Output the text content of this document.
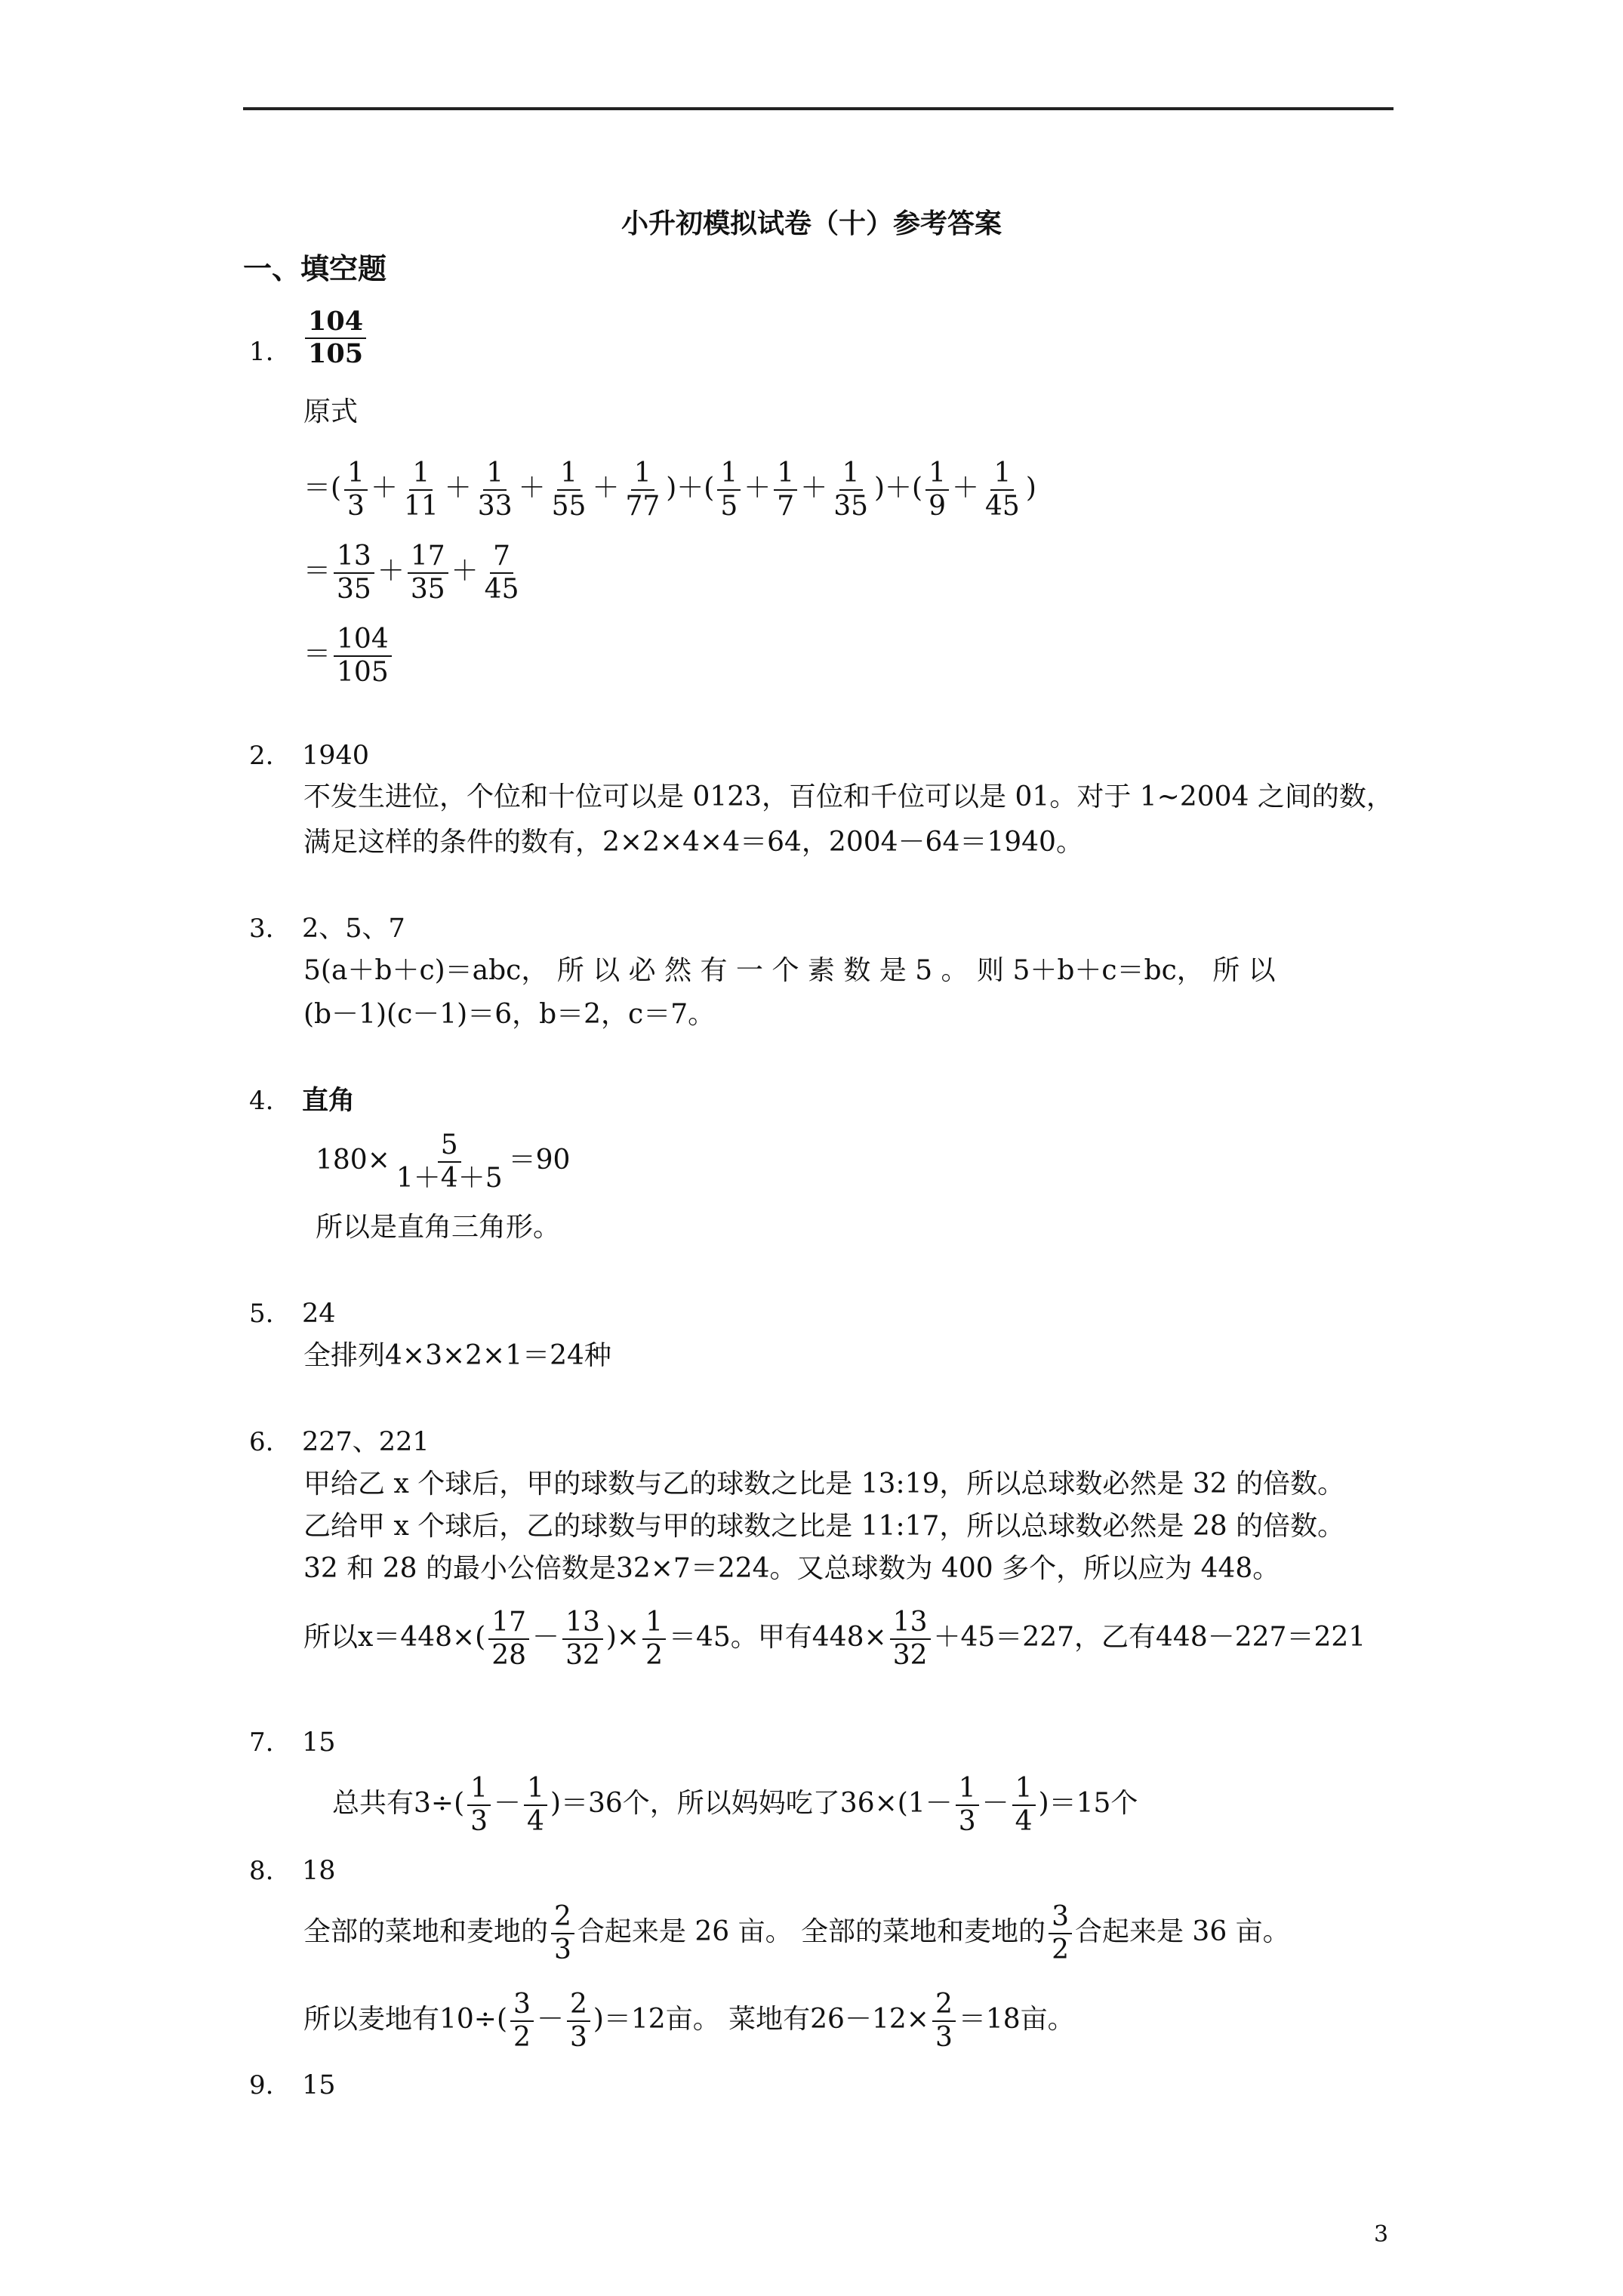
小升初模拟试卷（十）参考答案
一、填空题
1. $\frac{104}{105}$
原式
＝( $\frac{1}{3} + \frac{1}{11} + \frac{1}{33} + \frac{1}{55} + \frac{1}{77}$ )＋( $\frac{1}{5} + \frac{1}{7} + \frac{1}{35}$ )＋( $\frac{1}{9} + \frac{1}{45}$ )
＝ $\frac{13}{35} + \frac{17}{35} + \frac{7}{45}$
＝ $\frac{104}{105}$
2. 1940
不发生进位，个位和十位可以是 0123，百位和千位可以是 01。对于 1~2004 之间的数，
满足这样的条件的数有，2×2×4×4＝64，2004－64＝1940。
3. 2、5、7
5(a＋b＋c)＝abc， 所 以 必 然 有 一 个 素 数 是 5 。 则 5＋b＋c＝bc， 所 以
(b－1)(c－1)＝6，b＝2，c＝7。
4. 直角
$180\times \frac{5}{1+4+5} =90$
所以是直角三角形。
5. 24
全排列4×3×2×1＝24种
6. 227、221
甲给乙 x 个球后，甲的球数与乙的球数之比是 13:19，所以总球数必然是 32 的倍数。
乙给甲 x 个球后，乙的球数与甲的球数之比是 11:17，所以总球数必然是 28 的倍数。
32 和 28 的最小公倍数是32×7＝224。又总球数为 400 多个，所以应为 448。
所以$x=448\times( \frac{17}{28} - \frac{13}{32}$ )× $\frac{1}{2} =45$。甲有$448\times \frac{13}{32} +45=227$，乙有448－227＝221
7. 15
总共有$3\div( \frac{1}{3} - \frac{1}{4} )=36$个，所以妈妈吃了$36\times(1- \frac{1}{3} - \frac{1}{4} )=15$个
8. 18
全部的菜地和麦地的 $\frac{2}{3}$ 合起来是 26 亩。 全部的菜地和麦地的 $\frac{3}{2}$ 合起来是 36 亩。
所以麦地有$10\div( \frac{3}{2} - \frac{2}{3} )=12$亩。 菜地有$26-12\times \frac{2}{3} =18$亩。
9. 15
3
